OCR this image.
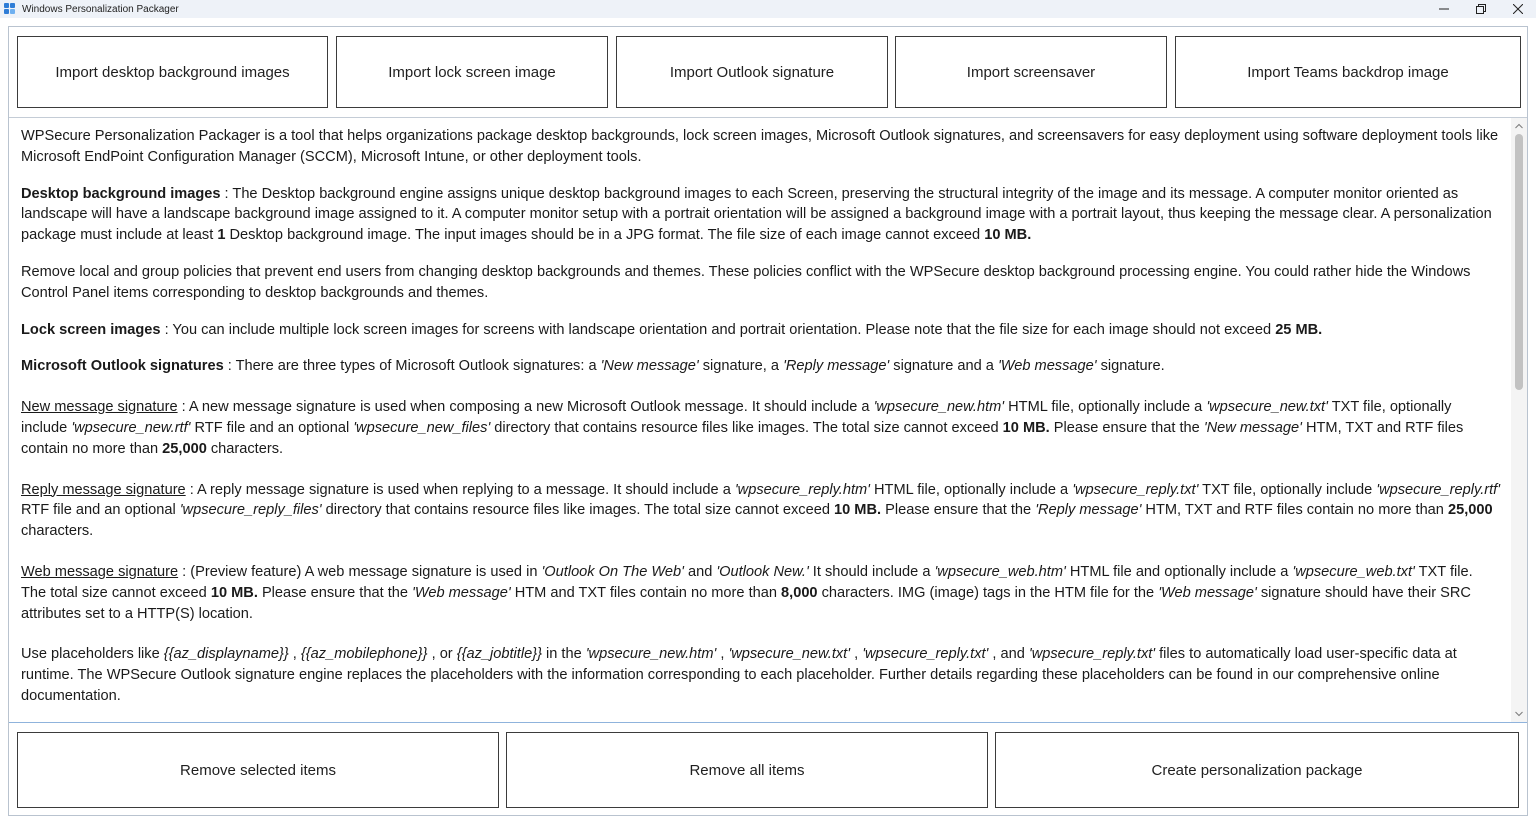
Windows Personalization Packager
Import desktop background images	Import lock screen image	Import Outlook signature	Import screensaver	Import Teams backdrop image

WPSecure Personalization Packager is a tool that helps organizations package desktop backgrounds, lock screen images, Microsoft Outlook signatures, and screensavers for easy deployment using software deployment tools like Microsoft EndPoint Configuration Manager (SCCM), Microsoft Intune, or other deployment tools.

Desktop background images : The Desktop background engine assigns unique desktop background images to each Screen, preserving the structural integrity of the image and its message. A computer monitor oriented as landscape will have a landscape background image assigned to it. A computer monitor setup with a portrait orientation will be assigned a background image with a portrait layout, thus keeping the message clear. A personalization package must include at least 1 Desktop background image. The input images should be in a JPG format. The file size of each image cannot exceed 10 MB.

Remove local and group policies that prevent end users from changing desktop backgrounds and themes. These policies conflict with the WPSecure desktop background processing engine. You could rather hide the Windows Control Panel items corresponding to desktop backgrounds and themes.

Lock screen images : You can include multiple lock screen images for screens with landscape orientation and portrait orientation. Please note that the file size for each image should not exceed 25 MB.

Microsoft Outlook signatures : There are three types of Microsoft Outlook signatures: a 'New message' signature, a 'Reply message' signature and a 'Web message' signature.

New message signature : A new message signature is used when composing a new Microsoft Outlook message. It should include a 'wpsecure_new.htm' HTML file, optionally include a 'wpsecure_new.txt' TXT file, optionally include 'wpsecure_new.rtf' RTF file and an optional 'wpsecure_new_files' directory that contains resource files like images. The total size cannot exceed 10 MB. Please ensure that the 'New message' HTM, TXT and RTF files contain no more than 25,000 characters.

Reply message signature : A reply message signature is used when replying to a message. It should include a 'wpsecure_reply.htm' HTML file, optionally include a 'wpsecure_reply.txt' TXT file, optionally include 'wpsecure_reply.rtf' RTF file and an optional 'wpsecure_reply_files' directory that contains resource files like images. The total size cannot exceed 10 MB. Please ensure that the 'Reply message' HTM, TXT and RTF files contain no more than 25,000 characters.

Web message signature : (Preview feature) A web message signature is used in 'Outlook On The Web' and 'Outlook New.' It should include a 'wpsecure_web.htm' HTML file and optionally include a 'wpsecure_web.txt' TXT file. The total size cannot exceed 10 MB. Please ensure that the 'Web message' HTM and TXT files contain no more than 8,000 characters. IMG (image) tags in the HTM file for the 'Web message' signature should have their SRC attributes set to a HTTP(S) location.

Use placeholders like {{az_displayname}} , {{az_mobilephone}} , or {{az_jobtitle}} in the 'wpsecure_new.htm' , 'wpsecure_new.txt' , 'wpsecure_reply.txt' , and 'wpsecure_reply.txt' files to automatically load user-specific data at runtime. The WPSecure Outlook signature engine replaces the placeholders with the information corresponding to each placeholder. Further details regarding these placeholders can be found in our comprehensive online documentation.

Remove selected items	Remove all items	Create personalization package
